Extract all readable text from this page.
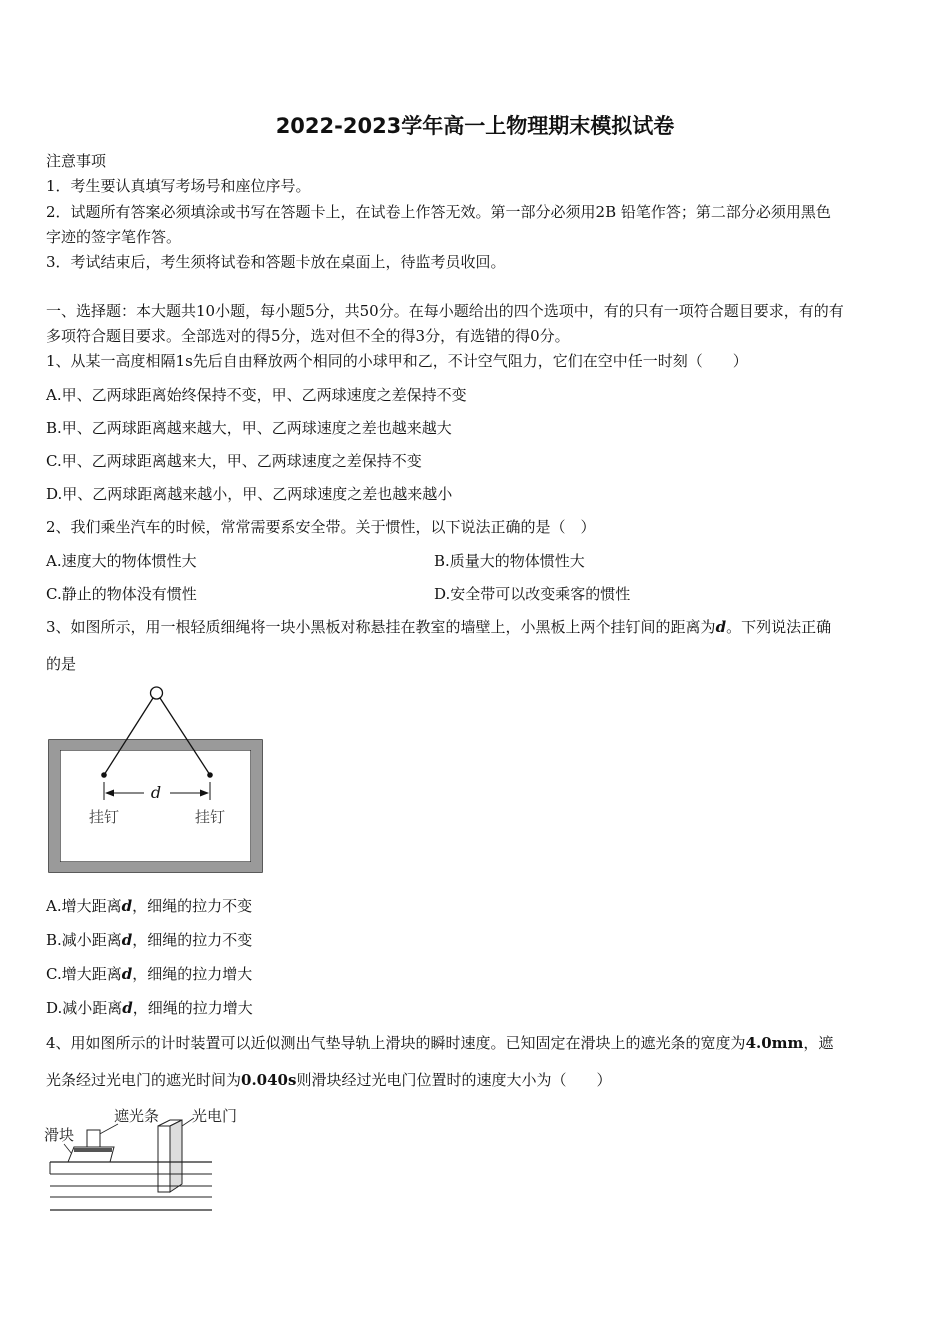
2022-2023学年高一上物理期末模拟试卷
注意事项
1．考生要认真填写考场号和座位序号。
2．试题所有答案必须填涂或书写在答题卡上，在试卷上作答无效。第一部分必须用2B 铅笔作答；第二部分必须用黑色
字迹的签字笔作答。
3．考试结束后，考生须将试卷和答题卡放在桌面上，待监考员收回。
一、选择题：本大题共10小题，每小题5分，共50分。在每小题给出的四个选项中，有的只有一项符合题目要求，有的有
多项符合题目要求。全部选对的得5分，选对但不全的得3分，有选错的得0分。
1、从某一高度相隔1s先后自由释放两个相同的小球甲和乙，不计空气阻力，它们在空中任一时刻（　　）
A.甲、乙两球距离始终保持不变，甲、乙两球速度之差保持不变
B.甲、乙两球距离越来越大，甲、乙两球速度之差也越来越大
C.甲、乙两球距离越来大，甲、乙两球速度之差保持不变
D.甲、乙两球距离越来越小，甲、乙两球速度之差也越来越小
2、我们乘坐汽车的时候，常常需要系安全带。关于惯性，以下说法正确的是（　）
A.速度大的物体惯性大	B.质量大的物体惯性大
C.静止的物体没有惯性	D.安全带可以改变乘客的惯性
3、如图所示，用一根轻质细绳将一块小黑板对称悬挂在教室的墙壁上，小黑板上两个挂钉间的距离为d。下列说法正确
的是
d
挂钉	挂钉
A.增大距离d，细绳的拉力不变
B.减小距离d，细绳的拉力不变
C.增大距离d，细绳的拉力增大
D.减小距离d，细绳的拉力增大
4、用如图所示的计时装置可以近似测出气垫导轨上滑块的瞬时速度。已知固定在滑块上的遮光条的宽度为4.0mm，遮
光条经过光电门的遮光时间为0.040s则滑块经过光电门位置时的速度大小为（　　）
遮光条 光电门
滑块
